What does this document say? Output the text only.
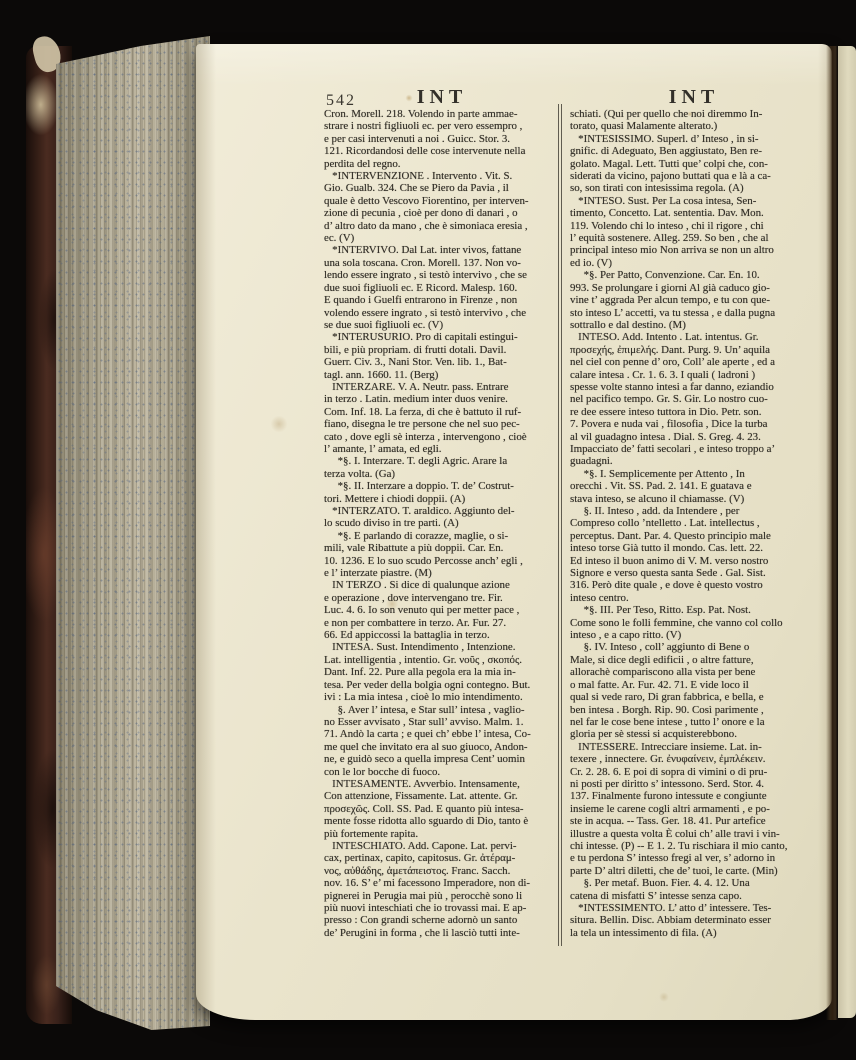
542	INT	INT
Cron. Morell. 218. Volendo in parte ammae-
strare i nostri figliuoli ec. per vero essempro ,
e per casi intervenuti a noi . Guicc. Stor. 3.
121. Ricordandosi delle cose intervenute nella
perdita del regno.
*INTERVENZIONE . Intervento . Vit. S.
Gio. Gualb. 324. Che se Piero da Pavia , il
quale è detto Vescovo Fiorentino, per interven-
zione di pecunia , cioè per dono di danari , o
d’ altro dato da mano , che è simoniaca eresia ,
ec. (V)
*INTERVIVO. Dal Lat. inter vivos, fattane
una sola toscana. Cron. Morell. 137. Non vo-
lendo essere ingrato , si testò intervivo , che se
due suoi figliuoli ec. E Ricord. Malesp. 160.
E quando i Guelfi entrarono in Firenze , non
volendo essere ingrato , si testò intervivo , che
se due suoi figliuoli ec. (V)
*INTERUSURIO. Pro di capitali estingui-
bili, e più propriam. di frutti dotali. Davil.
Guerr. Civ. 3., Nani Stor. Ven. lib. 1., Bat-
tagl. ann. 1660. 11. (Berg)
INTERZARE. V. A. Neutr. pass. Entrare
in terzo . Latin. medium inter duos venire.
Com. Inf. 18. La ferza, di che è battuto il ruf-
fiano, disegna le tre persone che nel suo pec-
cato , dove egli sè interza , intervengono , cioè
l’ amante, l’ amata, ed egli.
*§. I. Interzare. T. degli Agric. Arare la
terza volta. (Ga)
*§. II. Interzare a doppio. T. de’ Costrut-
tori. Mettere i chiodi doppii. (A)
*INTERZATO. T. araldico. Aggiunto del-
lo scudo diviso in tre parti. (A)
*§. E parlando di corazze, maglie, o si-
mili, vale Ribattute a più doppii. Car. En.
10. 1236. E lo suo scudo Percosse anch’ egli ,
e l’ interzate piastre. (M)
IN TERZO . Si dice di qualunque azione
e operazione , dove intervengano tre. Fir.
Luc. 4. 6. Io son venuto qui per metter pace ,
e non per combattere in terzo. Ar. Fur. 27.
66. Ed appiccossi la battaglia in terzo.
INTESA. Sust. Intendimento , Intenzione.
Lat. intelligentia , intentio. Gr. νοῦς , σκοπός.
Dant. Inf. 22. Pure alla pegola era la mia in-
tesa. Per veder della bolgia ogni contegno. But.
ivi : La mia intesa , cioè lo mio intendimento.
§. Aver l’ intesa, e Star sull’ intesa , vaglio-
no Esser avvisato , Star sull’ avviso. Malm. 1.
71. Andò la carta ; e quei ch’ ebbe l’ intesa, Co-
me quel che invitato era al suo giuoco, Andon-
ne, e guidò seco a quella impresa Cent’ uomin
con le lor bocche di fuoco.
INTESAMENTE. Avverbio. Intensamente,
Con attenzione, Fissamente. Lat. attente. Gr.
προσεχῶς. Coll. SS. Pad. E quanto più intesa-
mente fosse ridotta allo sguardo di Dio, tanto è
più fortemente rapita.
INTESCHIATO. Add. Capone. Lat. pervi-
cax, pertinax, capito, capitosus. Gr. ἀτέραμ-
νος, αὐθάδης, ἀμετάπειστος. Franc. Sacch.
nov. 16. S’ e’ mi facessono Imperadore, non di-
pignerei in Perugia mai più , perocchè sono li
più nuovi inteschiati che io trovassi mai. E ap-
presso : Con grandi scherne adornò un santo
de’ Perugini in forma , che li lasciò tutti inte-
schiati. (Qui per quello che noi diremmo In-
torato, quasi Malamente alterato.)
*INTESISSIMO. Superl. d’ Inteso , in si-
gnific. di Adeguato, Ben aggiustato, Ben re-
golato. Magal. Lett. Tutti que’ colpi che, con-
siderati da vicino, pajono buttati qua e là a ca-
so, son tirati con intesissima regola. (A)
*INTESO. Sust. Per La cosa intesa, Sen-
timento, Concetto. Lat. sententia. Dav. Mon.
119. Volendo chi lo inteso , chi il rigore , chi
l’ equità sostenere. Alleg. 259. So ben , che al
principal inteso mio Non arriva se non un altro
ed io. (V)
*§. Per Patto, Convenzione. Car. En. 10.
993. Se prolungare i giorni Al già caduco gio-
vine t’ aggrada Per alcun tempo, e tu con que-
sto inteso L’ accetti, va tu stessa , e dalla pugna
sottrallo e dal destino. (M)
INTESO. Add. Intento . Lat. intentus. Gr.
προσεχής, ἐπιμελής. Dant. Purg. 9. Un’ aquila
nel ciel con penne d’ oro, Coll’ ale aperte , ed a
calare intesa . Cr. 1. 6. 3. I quali ( ladroni )
spesse volte stanno intesi a far danno, eziandio
nel pacifico tempo. Gr. S. Gir. Lo nostro cuo-
re dee essere inteso tuttora in Dio. Petr. son.
7. Povera e nuda vai , filosofia , Dice la turba
al vil guadagno intesa . Dial. S. Greg. 4. 23.
Impacciato de’ fatti secolari , e inteso troppo a’
guadagni.
*§. I. Semplicemente per Attento , In
orecchi . Vit. SS. Pad. 2. 141. E guatava e
stava inteso, se alcuno il chiamasse. (V)
§. II. Inteso , add. da Intendere , per
Compreso collo ’ntelletto . Lat. intellectus ,
perceptus. Dant. Par. 4. Questo principio male
inteso torse Già tutto il mondo. Cas. lett. 22.
Ed inteso il buon animo di V. M. verso nostro
Signore e verso questa santa Sede . Gal. Sist.
316. Però dite quale , e dove è questo vostro
inteso centro.
*§. III. Per Teso, Ritto. Esp. Pat. Nost.
Come sono le folli femmine, che vanno col collo
inteso , e a capo ritto. (V)
§. IV. Inteso , coll’ aggiunto di Bene o
Male, si dice degli edificii , o altre fatture,
allorachè compariscono alla vista per bene
o mal fatte. Ar. Fur. 42. 71. E vide loco il
qual si vede raro, Di gran fabbrica, e bella, e
ben intesa . Borgh. Rip. 90. Così parimente ,
nel far le cose bene intese , tutto l’ onore e la
gloria per sè stessi si acquisterebbono.
INTESSERE. Intrecciare insieme. Lat. in-
texere , innectere. Gr. ἐνυφαίνειν, ἐμπλέκειν.
Cr. 2. 28. 6. E poi di sopra di vimini o di pru-
ni posti per diritto s’ intessono. Serd. Stor. 4.
137. Finalmente furono intessute e congiunte
insieme le carene cogli altri armamenti , e po-
ste in acqua. -- Tass. Ger. 18. 41. Pur artefice
illustre a questa volta È colui ch’ alle travi i vin-
chi intesse. (P) -- E 1. 2. Tu rischiara il mio canto,
e tu perdona S’ intesso fregi al ver, s’ adorno in
parte D’ altri diletti, che de’ tuoi, le carte. (Min)
§. Per metaf. Buon. Fier. 4. 4. 12. Una
catena di misfatti S’ intesse senza capo.
*INTESSIMENTO. L’ atto d’ intessere. Tes-
situra. Bellin. Disc. Abbiam determinato esser
la tela un intessimento di fila. (A)
